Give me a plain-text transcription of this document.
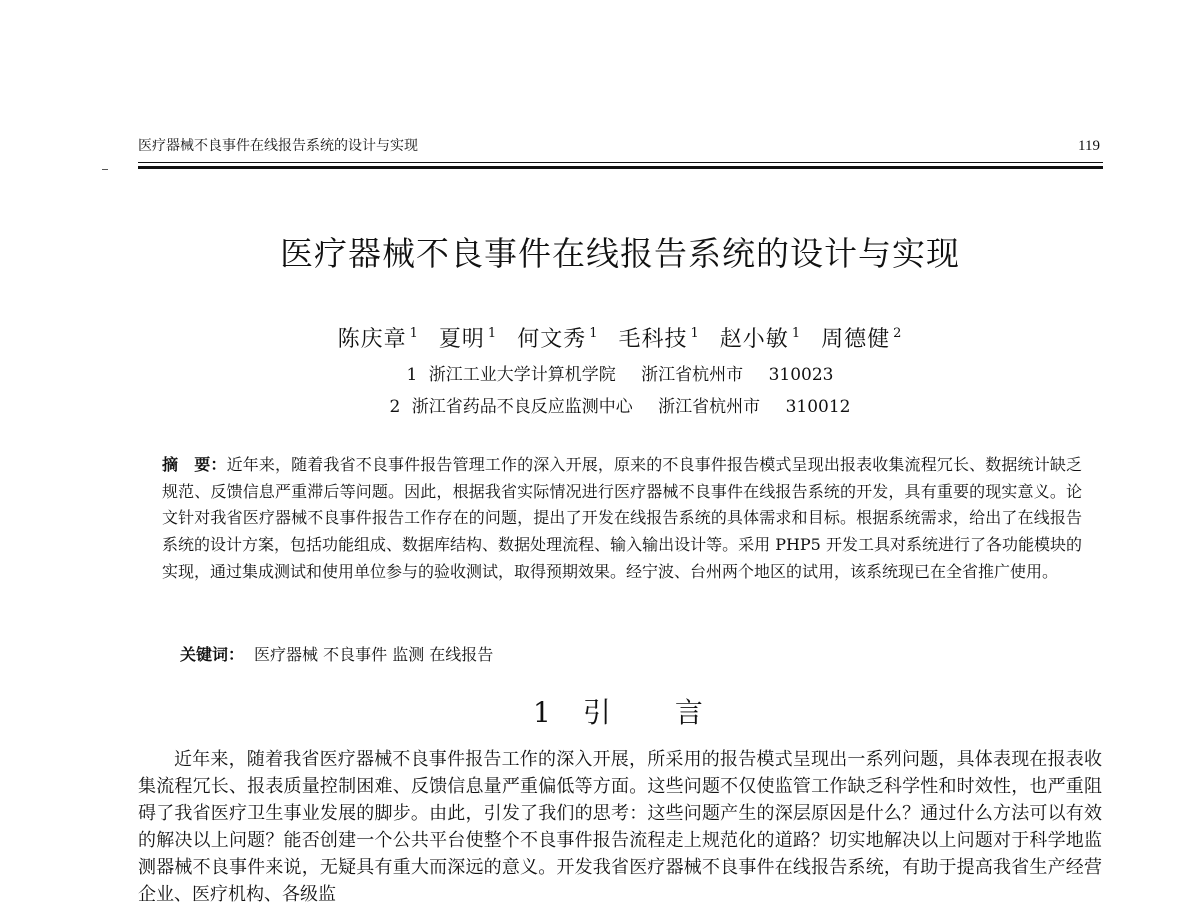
医疗器械不良事件在线报告系统的设计与实现	119
医疗器械不良事件在线报告系统的设计与实现
陈庆章 $^1$ 夏明 $^1$ 何文秀 $^1$ 毛科技 $^1$ 赵小敏 $^1$ 周德健 $^2$
1 浙江工业大学计算机学院 浙江省杭州市 310023
2 浙江省药品不良反应监测中心 浙江省杭州市 310012
摘　要：近年来，随着我省不良事件报告管理工作的深入开展，原来的不良事件报告模式呈现出报表收集流程冗长、数据统计缺乏规范、反馈信息严重滞后等问题。因此，根据我省实际情况进行医疗器械不良事件在线报告系统的开发，具有重要的现实意义。论文针对我省医疗器械不良事件报告工作存在的问题，提出了开发在线报告系统的具体需求和目标。根据系统需求，给出了在线报告系统的设计方案，包括功能组成、数据库结构、数据处理流程、输入输出设计等。采用 PHP5 开发工具对系统进行了各功能模块的实现，通过集成测试和使用单位参与的验收测试，取得预期效果。经宁波、台州两个地区的试用，该系统现已在全省推广使用。
关键词： 医疗器械 不良事件 监测 在线报告
1 引 言
近年来，随着我省医疗器械不良事件报告工作的深入开展，所采用的报告模式呈现出一系列问题，具体表现在报表收集流程冗长、报表质量控制困难、反馈信息量严重偏低等方面。这些问题不仅使监管工作缺乏科学性和时效性，也严重阻碍了我省医疗卫生事业发展的脚步。由此，引发了我们的思考：这些问题产生的深层原因是什么？通过什么方法可以有效的解决以上问题？能否创建一个公共平台使整个不良事件报告流程走上规范化的道路？切实地解决以上问题对于科学地监测器械不良事件来说，无疑具有重大而深远的意义。开发我省医疗器械不良事件在线报告系统，有助于提高我省生产经营企业、医疗机构、各级监
